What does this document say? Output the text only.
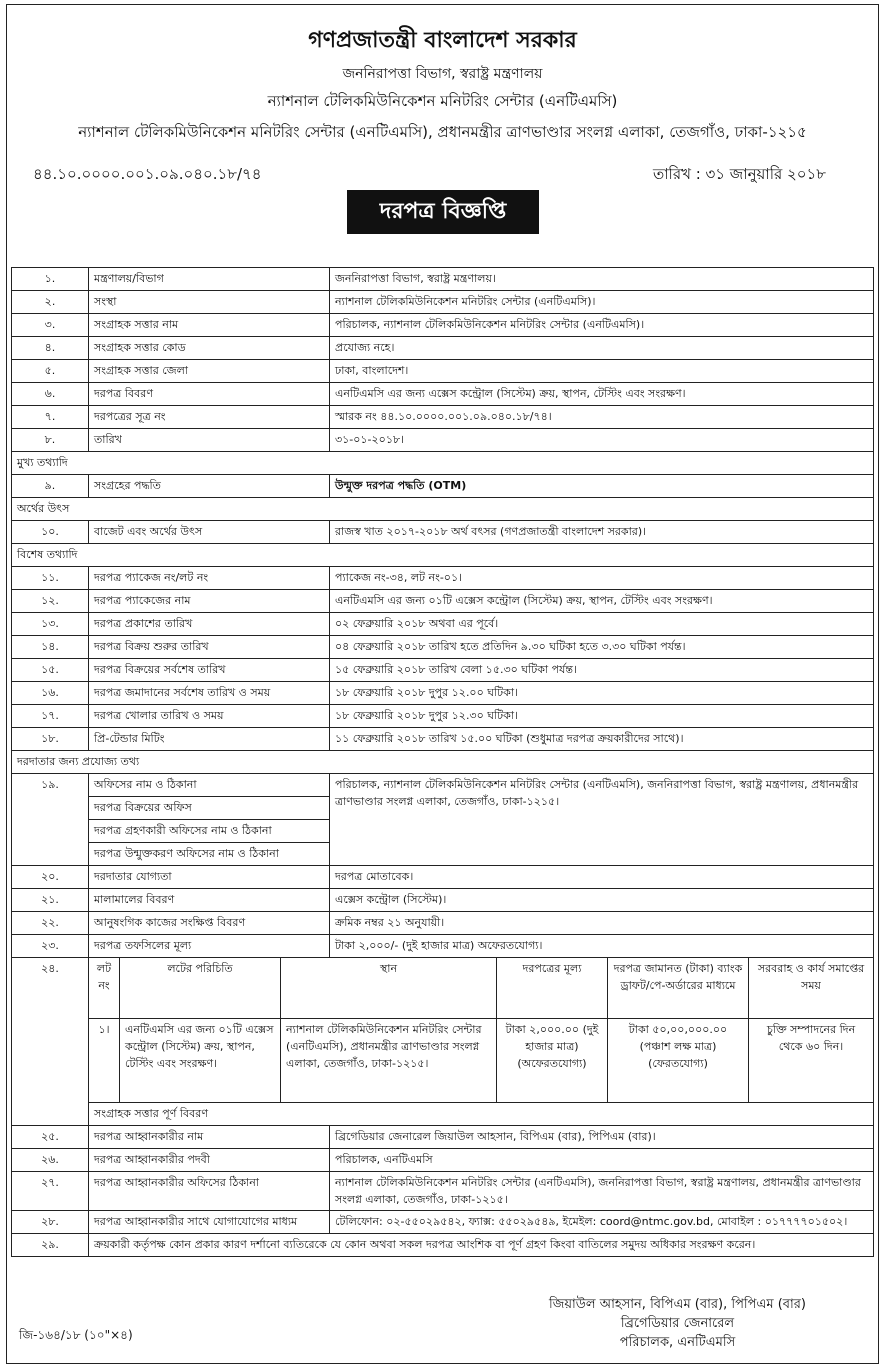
গণপ্রজাতন্ত্রী বাংলাদেশ সরকার
জননিরাপত্তা বিভাগ, স্বরাষ্ট্র মন্ত্রণালয়
ন্যাশনাল টেলিকমিউনিকেশন মনিটরিং সেন্টার (এনটিএমসি)
ন্যাশনাল টেলিকমিউনিকেশন মনিটরিং সেন্টার (এনটিএমসি), প্রধানমন্ত্রীর ত্রাণভাণ্ডার সংলগ্ন এলাকা, তেজগাঁও, ঢাকা-১২১৫
৪৪.১০.০০০০.০০১.০৯.০৪০.১৮/৭৪	তারিখ : ৩১ জানুয়ারি ২০১৮
দরপত্র বিজ্ঞপ্তি
১.	মন্ত্রণালয়/বিভাগ	জননিরাপত্তা বিভাগ, স্বরাষ্ট্র মন্ত্রণালয়।
২.	সংস্থা	ন্যাশনাল টেলিকমিউনিকেশন মনিটরিং সেন্টার (এনটিএমসি)।
৩.	সংগ্রাহক সত্তার নাম	পরিচালক, ন্যাশনাল টেলিকমিউনিকেশন মনিটরিং সেন্টার (এনটিএমসি)।
৪.	সংগ্রাহক সত্তার কোড	প্রযোজ্য নহে।
৫.	সংগ্রাহক সত্তার জেলা	ঢাকা, বাংলাদেশ।
৬.	দরপত্র বিবরণ	এনটিএমসি এর জন্য এক্সেস কন্ট্রোল (সিস্টেম) ক্রয়, স্থাপন, টেস্টিং এবং সংরক্ষণ।
৭.	দরপত্রের সূত্র নং	স্মারক নং ৪৪.১০.০০০০.০০১.০৯.০৪০.১৮/৭৪।
৮.	তারিখ	৩১-০১-২০১৮।
মুখ্য তথ্যাদি
৯.	সংগ্রহের পদ্ধতি	উন্মুক্ত দরপত্র পদ্ধতি (OTM)
অর্থের উৎস
১০.	বাজেট এবং অর্থের উৎস	রাজস্ব খাত ২০১৭-২০১৮ অর্থ বৎসর (গণপ্রজাতন্ত্রী বাংলাদেশ সরকার)।
বিশেষ তথ্যাদি
১১.	দরপত্র প্যাকেজ নং/লট নং	প্যাকেজ নং-৩৪, লট নং-০১।
১২.	দরপত্র প্যাকেজের নাম	এনটিএমসি এর জন্য ০১টি এক্সেস কন্ট্রোল (সিস্টেম) ক্রয়, স্থাপন, টেস্টিং এবং সংরক্ষণ।
১৩.	দরপত্র প্রকাশের তারিখ	০২ ফেব্রুয়ারি ২০১৮ অথবা এর পূর্বে।
১৪.	দরপত্র বিক্রয় শুরুর তারিখ	০৪ ফেব্রুয়ারি ২০১৮ তারিখ হতে প্রতিদিন ৯.৩০ ঘটিকা হতে ৩.৩০ ঘটিকা পর্যন্ত।
১৫.	দরপত্র বিক্রয়ের সর্বশেষ তারিখ	১৫ ফেব্রুয়ারি ২০১৮ তারিখ বেলা ১৫.৩০ ঘটিকা পর্যন্ত।
১৬.	দরপত্র জমাদানের সর্বশেষ তারিখ ও সময়	১৮ ফেব্রুয়ারি ২০১৮ দুপুর ১২.০০ ঘটিকা।
১৭.	দরপত্র খোলার তারিখ ও সময়	১৮ ফেব্রুয়ারি ২০১৮ দুপুর ১২.৩০ ঘটিকা।
১৮.	প্রি-টেন্ডার মিটিং	১১ ফেব্রুয়ারি ২০১৮ তারিখ ১৫.০০ ঘটিকা (শুধুমাত্র দরপত্র ক্রয়কারীদের সাথে)।
দরদাতার জন্য প্রযোজ্য তথ্য
১৯.	অফিসের নাম ও ঠিকানা	পরিচালক, ন্যাশনাল টেলিকমিউনিকেশন মনিটরিং সেন্টার (এনটিএমসি), জননিরাপত্তা বিভাগ, স্বরাষ্ট্র মন্ত্রণালয়, প্রধানমন্ত্রীর ত্রাণভাণ্ডার সংলগ্ন এলাকা, তেজগাঁও, ঢাকা-১২১৫।
দরপত্র বিক্রয়ের অফিস
দরপত্র গ্রহণকারী অফিসের নাম ও ঠিকানা
দরপত্র উন্মুক্তকরণ অফিসের নাম ও ঠিকানা
২০.	দরদাতার যোগ্যতা	দরপত্র মোতাবেক।
২১.	মালামালের বিবরণ	এক্সেস কন্ট্রোল (সিস্টেম)।
২২.	আনুষংগিক কাজের সংক্ষিপ্ত বিবরণ	ক্রমিক নম্বর ২১ অনুযায়ী।
২৩.	দরপত্র তফসিলের মূল্য	টাকা ২,০০০/- (দুই হাজার মাত্র) অফেরতযোগ্য।
২৪.		লট নং	লটের পরিচিতি	স্থান	দরপত্রের মূল্য	দরপত্র জামানত (টাকা) ব্যাংক ড্রাফট/পে-অর্ডারের মাধ্যমে	সরবরাহ ও কার্য সমাপ্তের সময়
১।	এনটিএমসি এর জন্য ০১টি এক্সেস কন্ট্রোল (সিস্টেম) ক্রয়, স্থাপন, টেস্টিং এবং সংরক্ষণ।	ন্যাশনাল টেলিকমিউনিকেশন মনিটরিং সেন্টার (এনটিএমসি), প্রধানমন্ত্রীর ত্রাণভাণ্ডার সংলগ্ন এলাকা, তেজগাঁও, ঢাকা-১২১৫।	টাকা ২,০০০.০০ (দুই হাজার মাত্র) (অফেরতযোগ্য)	টাকা ৫০,০০,০০০.০০ (পঞ্চাশ লক্ষ মাত্র) (ফেরতযোগ্য)	চুক্তি সম্পাদনের দিন থেকে ৬০ দিন।

সংগ্রাহক সত্তার পূর্ণ বিবরণ
২৫.	দরপত্র আহ্বানকারীর নাম	ব্রিগেডিয়ার জেনারেল জিয়াউল আহসান, বিপিএম (বার), পিপিএম (বার)।
২৬.	দরপত্র আহ্বানকারীর পদবী	পরিচালক, এনটিএমসি
২৭.	দরপত্র আহ্বানকারীর অফিসের ঠিকানা	ন্যাশনাল টেলিকমিউনিকেশন মনিটরিং সেন্টার (এনটিএমসি), জননিরাপত্তা বিভাগ, স্বরাষ্ট্র মন্ত্রণালয়, প্রধানমন্ত্রীর ত্রাণভাণ্ডার সংলগ্ন এলাকা, তেজগাঁও, ঢাকা-১২১৫।
২৮.	দরপত্র আহ্বানকারীর সাথে যোগাযোগের মাধ্যম	টেলিফোন: ০২-৫৫০২৯৫৪২, ফ্যাক্স: ৫৫০২৯৫৪৯, ইমেইল: coord@ntmc.gov.bd, মোবাইল : ০১৭৭৭৭০১৫০২।
২৯.	ক্রয়কারী কর্তৃপক্ষ কোন প্রকার কারণ দর্শানো ব্যতিরেকে যে কোন অথবা সকল দরপত্র আংশিক বা পূর্ণ গ্রহণ কিংবা বাতিলের সমুদয় অধিকার সংরক্ষণ করেন।
জিয়াউল আহসান, বিপিএম (বার), পিপিএম (বার)
ব্রিগেডিয়ার জেনারেল
পরিচালক, এনটিএমসি
জি-১৬৪/১৮ (১০"×৪)
